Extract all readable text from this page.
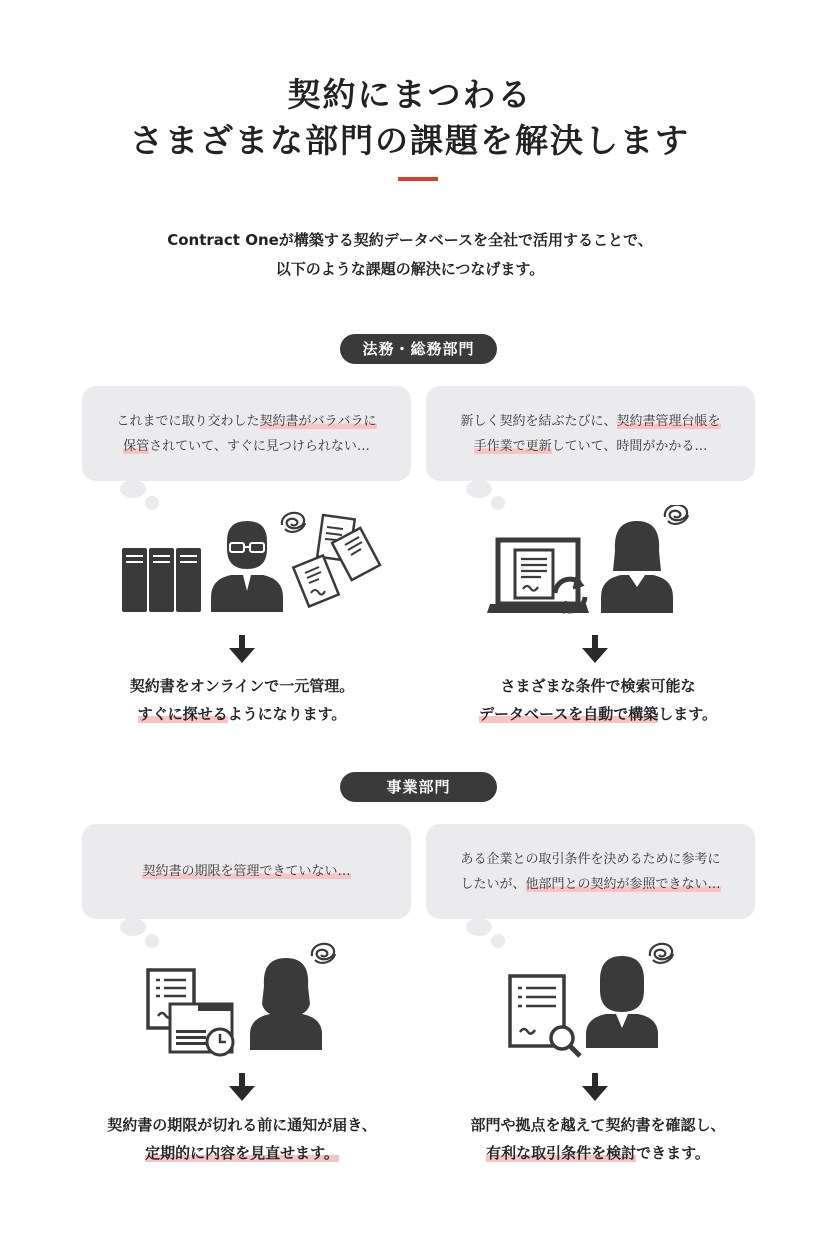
契約にまつわる
さまざまな部門の課題を解決します
Contract Oneが構築する契約データベースを全社で活用することで、
以下のような課題の解決につなげます。
法務・総務部門
これまでに取り交わした契約書がバラバラに
保管されていて、すぐに見つけられない…
契約書をオンラインで一元管理。
すぐに探せるようになります。
新しく契約を結ぶたびに、契約書管理台帳を
手作業で更新していて、時間がかかる…
さまざまな条件で検索可能な
データベースを自動で構築します。
事業部門
契約書の期限を管理できていない…
契約書の期限が切れる前に通知が届き、
定期的に内容を見直せます。
ある企業との取引条件を決めるために参考に
したいが、他部門との契約が参照できない…
部門や拠点を越えて契約書を確認し、
有利な取引条件を検討できます。
